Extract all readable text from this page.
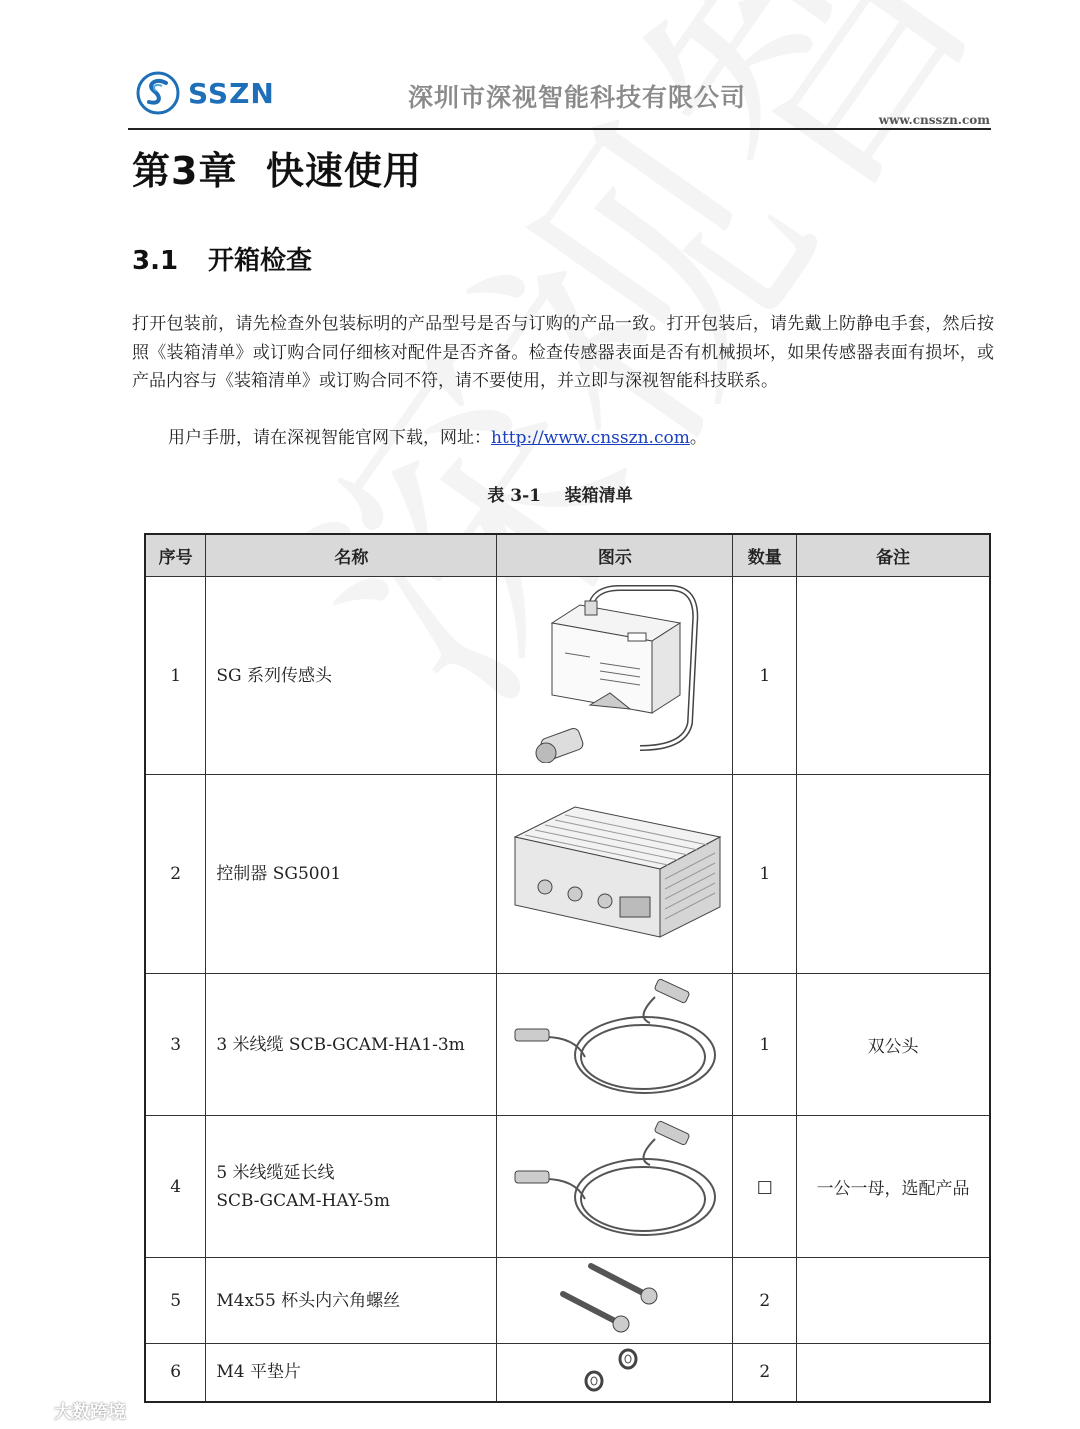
SSZN	深圳市深视智能科技有限公司
www.cnsszn.com
第3章  快速使用
3.1 开箱检查
打开包装前，请先检查外包装标明的产品型号是否与订购的产品一致。打开包装后，请先戴上防静电手套，然后按照《装箱清单》或订购合同仔细核对配件是否齐备。检查传感器表面是否有机械损坏，如果传感器表面有损坏，或产品内容与《装箱清单》或订购合同不符，请不要使用，并立即与深视智能科技联系。
用户手册，请在深视智能官网下载，网址：http://www.cnsszn.com。
表 3-1    装箱清单
序号	名称	图示	数量	备注
1	SG 系列传感头		1	
2	控制器 SG5001		1	
3	3 米线缆 SCB-GCAM-HA1-3m		1	双公头
4	5 米线缆延长线
SCB-GCAM-HAY-5m		□	一公一母，选配产品
5	M4x55 杯头内六角螺丝		2	
6	M4 平垫片		2	
大数跨境
